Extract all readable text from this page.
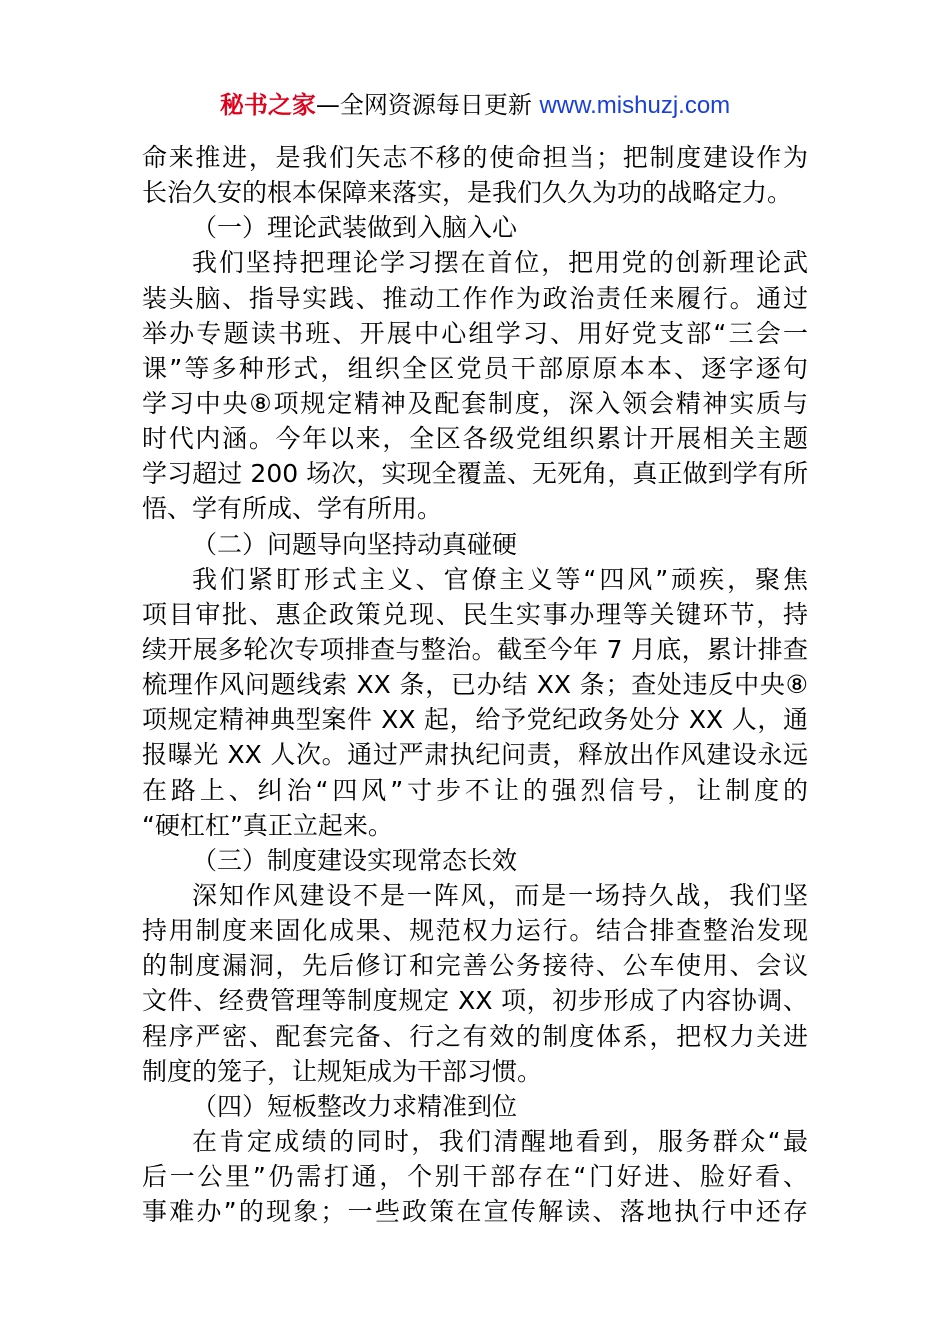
秘书之家—全网资源每日更新 www.mishuzj.com
命来推进，是我们矢志不移的使命担当；把制度建设作为
长治久安的根本保障来落实，是我们久久为功的战略定力。
（一）理论武装做到入脑入心
我们坚持把理论学习摆在首位，把用党的创新理论武
装头脑、指导实践、推动工作作为政治责任来履行。通过
举办专题读书班、开展中心组学习、用好党支部“三会一
课”等多种形式，组织全区党员干部原原本本、逐字逐句
学习中央⑧项规定精神及配套制度，深入领会精神实质与
时代内涵。今年以来，全区各级党组织累计开展相关主题
学习超过 200 场次，实现全覆盖、无死角，真正做到学有所
悟、学有所成、学有所用。
（二）问题导向坚持动真碰硬
我们紧盯形式主义、官僚主义等“四风”顽疾，聚焦
项目审批、惠企政策兑现、民生实事办理等关键环节，持
续开展多轮次专项排查与整治。截至今年 7 月底，累计排查
梳理作风问题线索 XX 条，已办结 XX 条；查处违反中央⑧
项规定精神典型案件 XX 起，给予党纪政务处分 XX 人，通
报曝光 XX 人次。通过严肃执纪问责，释放出作风建设永远
在路上、纠治“四风”寸步不让的强烈信号，让制度的
“硬杠杠”真正立起来。
（三）制度建设实现常态长效
深知作风建设不是一阵风，而是一场持久战，我们坚
持用制度来固化成果、规范权力运行。结合排查整治发现
的制度漏洞，先后修订和完善公务接待、公车使用、会议
文件、经费管理等制度规定 XX 项，初步形成了内容协调、
程序严密、配套完备、行之有效的制度体系，把权力关进
制度的笼子，让规矩成为干部习惯。
（四）短板整改力求精准到位
在肯定成绩的同时，我们清醒地看到，服务群众“最
后一公里”仍需打通，个别干部存在“门好进、脸好看、
事难办”的现象；一些政策在宣传解读、落地执行中还存
